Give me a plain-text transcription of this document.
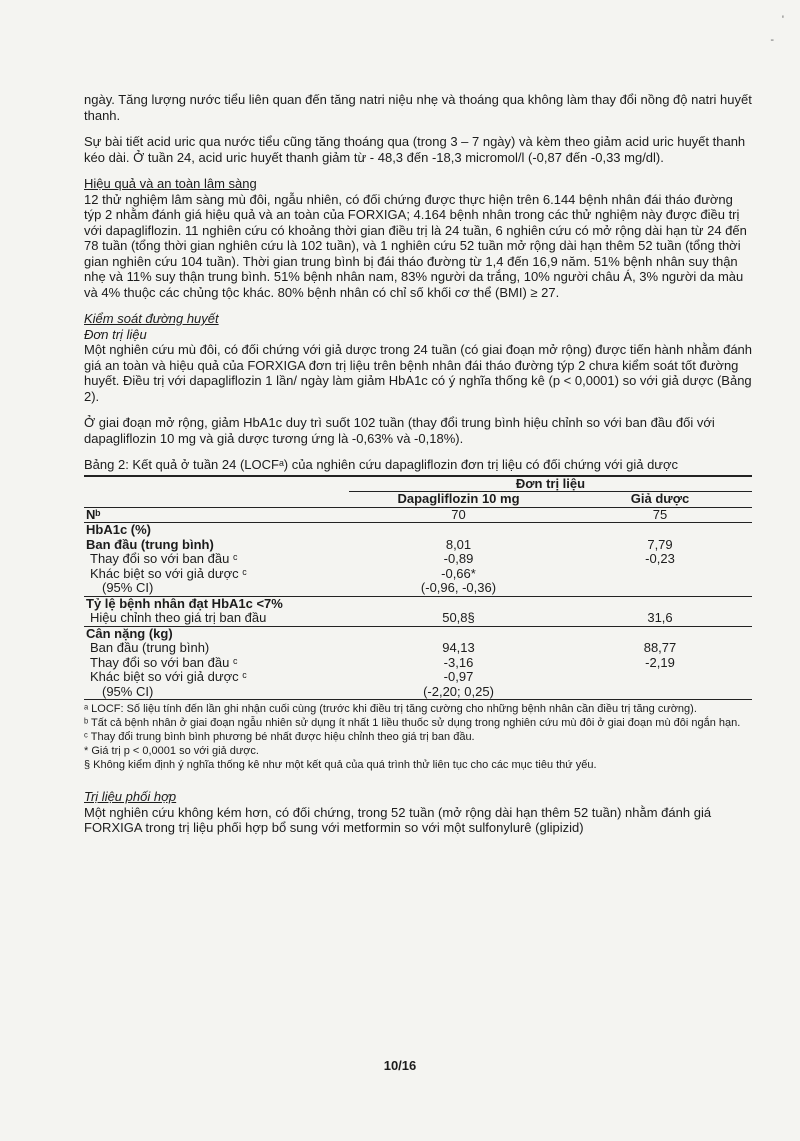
'
-

ngày. Tăng lượng nước tiểu liên quan đến tăng natri niệu nhẹ và thoáng qua không làm thay đổi nồng độ natri huyết thanh.

Sự bài tiết acid uric qua nước tiểu cũng tăng thoáng qua (trong 3 – 7 ngày) và kèm theo giảm acid uric huyết thanh kéo dài. Ở tuần 24, acid uric huyết thanh giảm từ - 48,3 đến -18,3 micromol/l (-0,87 đến -0,33 mg/dl).

Hiệu quả và an toàn lâm sàng

12 thử nghiệm lâm sàng mù đôi, ngẫu nhiên, có đối chứng được thực hiện trên 6.144 bệnh nhân đái tháo đường týp 2 nhằm đánh giá hiệu quả và an toàn của FORXIGA; 4.164 bệnh nhân trong các thử nghiệm này được điều trị với dapagliflozin. 11 nghiên cứu có khoảng thời gian điều trị là 24 tuần, 6 nghiên cứu có mở rộng dài hạn từ 24 đến 78 tuần (tổng thời gian nghiên cứu là 102 tuần), và 1 nghiên cứu 52 tuần mở rộng dài hạn thêm 52 tuần (tổng thời gian nghiên cứu 104 tuần). Thời gian trung bình bị đái tháo đường từ 1,4 đến 16,9 năm. 51% bệnh nhân suy thận nhẹ và 11% suy thận trung bình. 51% bệnh nhân nam, 83% người da trắng, 10% người châu Á, 3% người da màu và 4% thuộc các chủng tộc khác. 80% bệnh nhân có chỉ số khối cơ thể (BMI) ≥ 27.

Kiểm soát đường huyết
Đơn trị liệu

Một nghiên cứu mù đôi, có đối chứng với giả dược trong 24 tuần (có giai đoạn mở rộng) được tiến hành nhằm đánh giá an toàn và hiệu quả của FORXIGA đơn trị liệu trên bệnh nhân đái tháo đường týp 2 chưa kiểm soát tốt đường huyết. Điều trị với dapagliflozin 1 lần/ ngày làm giảm HbA1c có ý nghĩa thống kê (p < 0,0001) so với giả dược (Bảng 2).

Ở giai đoạn mở rộng, giảm HbA1c duy trì suốt 102 tuần (thay đổi trung bình hiệu chỉnh so với ban đầu đối với dapagliflozin 10 mg và giả dược tương ứng là -0,63% và -0,18%).

Bảng 2: Kết quả ở tuần 24 (LOCFᵃ) của nghiên cứu dapagliflozin đơn trị liệu có đối chứng với giả dược
	Đơn trị liệu	
	Dapagliflozin 10 mg	Giả dược
Nᵇ	70	75
HbA1c (%)		
Ban đầu (trung bình)	8,01	7,79
Thay đổi so với ban đầu ᶜ	-0,89	-0,23
Khác biệt so với giả dược ᶜ	-0,66*	
(95% CI)	(-0,96, -0,36)	
Tỷ lệ bệnh nhân đạt HbA1c <7%		
Hiệu chỉnh theo giá trị ban đầu	50,8§	31,6
Cân nặng (kg)		
Ban đầu (trung bình)	94,13	88,77
Thay đổi so với ban đầu ᶜ	-3,16	-2,19
Khác biệt so với giả dược ᶜ	-0,97	
(95% CI)	(-2,20; 0,25)	
ᵃ LOCF: Số liệu tính đến lần ghi nhận cuối cùng (trước khi điều trị tăng cường cho những bệnh nhân cần điều trị tăng cường).
ᵇ Tất cả bệnh nhân ở giai đoạn ngẫu nhiên sử dụng ít nhất 1 liều thuốc sử dụng trong nghiên cứu mù đôi ở giai đoạn mù đôi ngắn hạn.
ᶜ Thay đổi trung bình bình phương bé nhất được hiệu chỉnh theo giá trị ban đầu.
* Giá trị p < 0,0001 so với giả dược.
§ Không kiểm định ý nghĩa thống kê như một kết quả của quá trình thử liên tục cho các mục tiêu thứ yếu.
Trị liệu phối hợp

Một nghiên cứu không kém hơn, có đối chứng, trong 52 tuần (mở rộng dài hạn thêm 52 tuần) nhằm đánh giá FORXIGA trong trị liệu phối hợp bổ sung với metformin so với một sulfonylurê (glipizid)

10/16
